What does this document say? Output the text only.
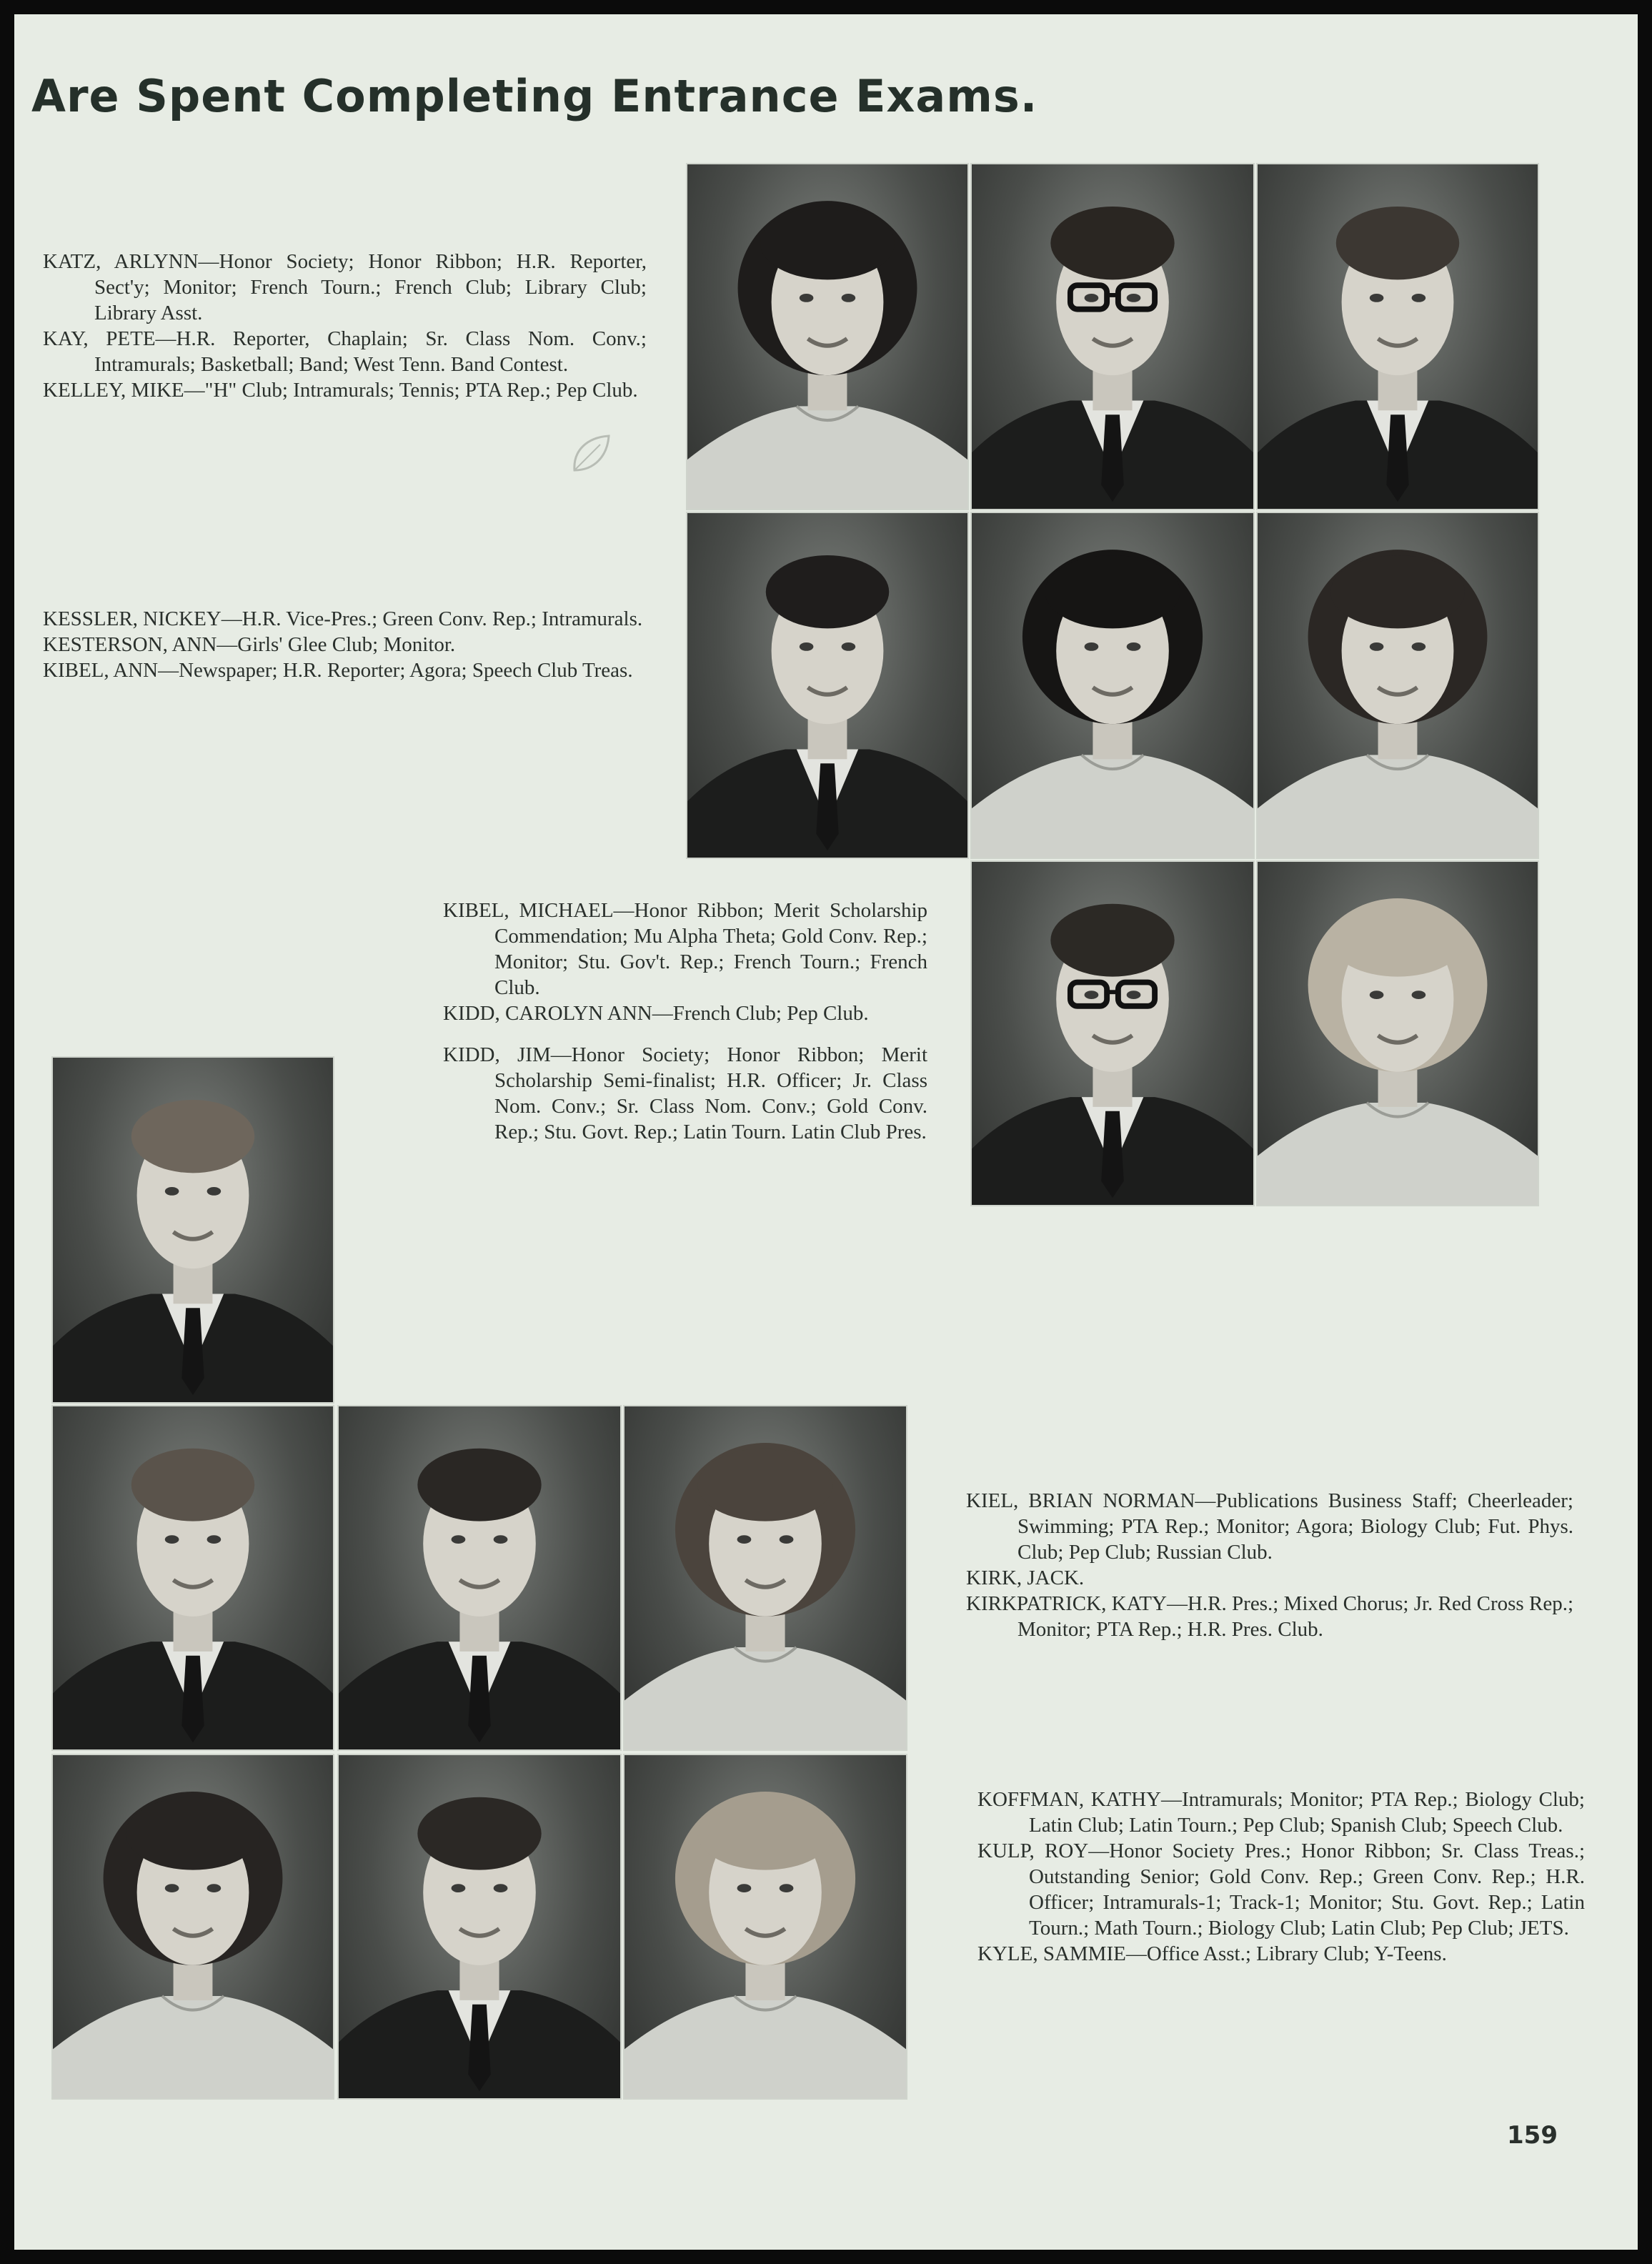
Are Spent Completing Entrance Exams.

KATZ, ARLYNN—Honor Society; Honor Ribbon; H.R. Reporter, Sect'y; Monitor; French Tourn.; French Club; Library Club; Library Asst.

KAY, PETE—H.R. Reporter, Chaplain; Sr. Class Nom. Conv.; Intramurals; Basketball; Band; West Tenn. Band Contest.

KELLEY, MIKE—"H" Club; Intramurals; Tennis; PTA Rep.; Pep Club.

KESSLER, NICKEY—H.R. Vice-Pres.; Green Conv. Rep.; Intramurals.

KESTERSON, ANN—Girls' Glee Club; Monitor.

KIBEL, ANN—Newspaper; H.R. Reporter; Agora; Speech Club Treas.

KIBEL, MICHAEL—Honor Ribbon; Merit Scholarship Commendation; Mu Alpha Theta; Gold Conv. Rep.; Monitor; Stu. Gov't. Rep.; French Tourn.; French Club.

KIDD, CAROLYN ANN—French Club; Pep Club.

KIDD, JIM—Honor Society; Honor Ribbon; Merit Scholarship Semi-finalist; H.R. Officer; Jr. Class Nom. Conv.; Sr. Class Nom. Conv.; Gold Conv. Rep.; Stu. Govt. Rep.; Latin Tourn. Latin Club Pres.

KIEL, BRIAN NORMAN—Publications Business Staff; Cheerleader; Swimming; PTA Rep.; Monitor; Agora; Biology Club; Fut. Phys. Club; Pep Club; Russian Club.

KIRK, JACK.

KIRKPATRICK, KATY—H.R. Pres.; Mixed Chorus; Jr. Red Cross Rep.; Monitor; PTA Rep.; H.R. Pres. Club.

KOFFMAN, KATHY—Intramurals; Monitor; PTA Rep.; Biology Club; Latin Club; Latin Tourn.; Pep Club; Spanish Club; Speech Club.

KULP, ROY—Honor Society Pres.; Honor Ribbon; Sr. Class Treas.; Outstanding Senior; Gold Conv. Rep.; Green Conv. Rep.; H.R. Officer; Intramurals-1; Track-1; Monitor; Stu. Govt. Rep.; Latin Tourn.; Math Tourn.; Biology Club; Latin Club; Pep Club; JETS.

KYLE, SAMMIE—Office Asst.; Library Club; Y-Teens.

159
